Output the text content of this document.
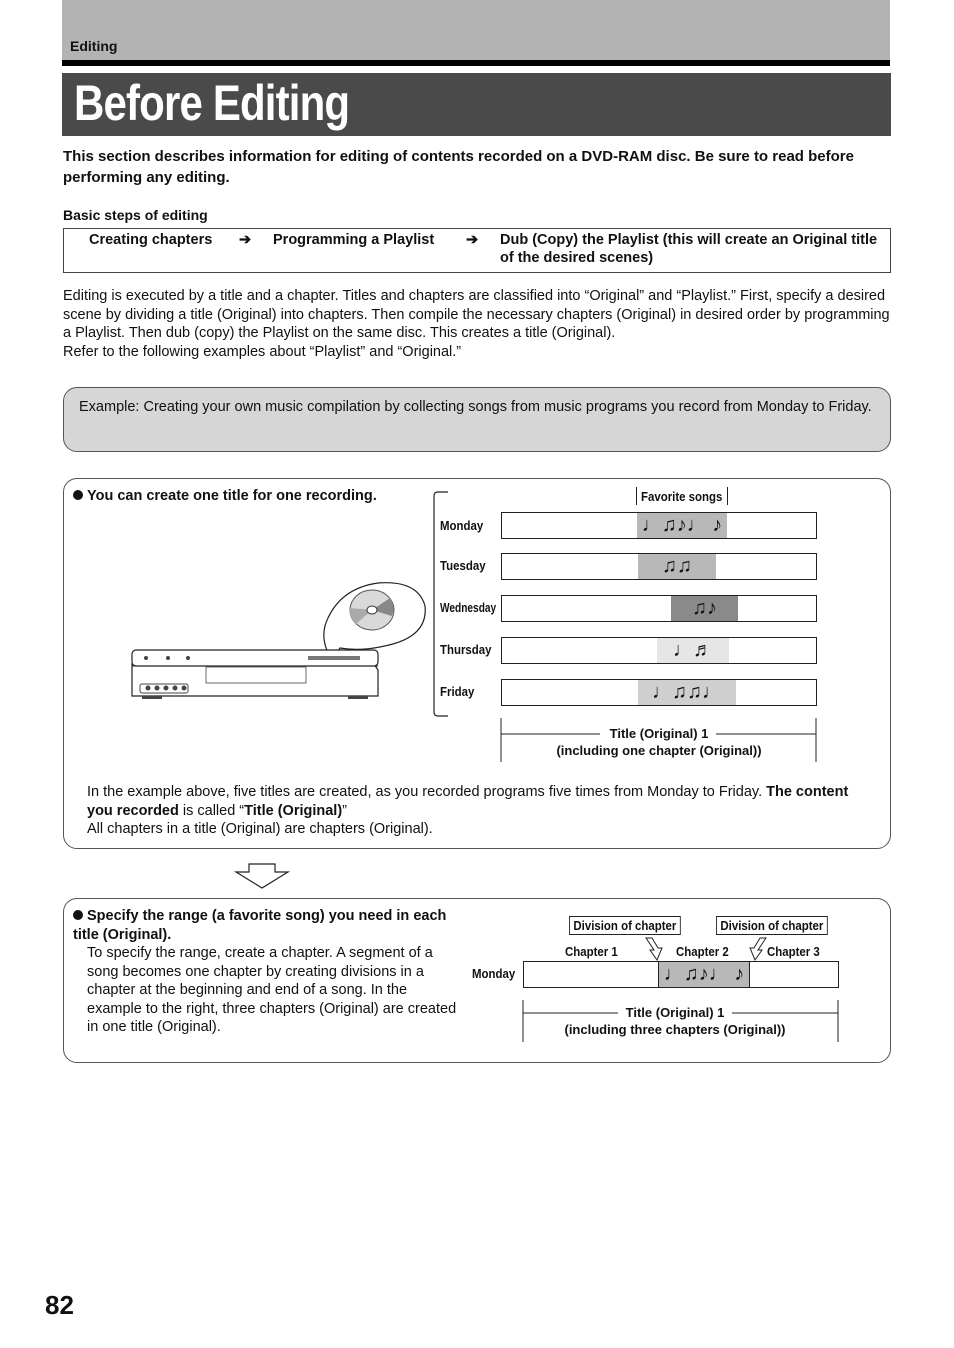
Editing
Before Editing
This section describes information for editing of contents recorded on a DVD-RAM disc. Be sure to read before performing any editing.
Basic steps of editing
Creating chapters ➔ Programming a Playlist ➔ Dub (Copy) the Playlist (this will create an Original title of the desired scenes)
Editing is executed by a title and a chapter. Titles and chapters are classified into “Original” and “Playlist.” First, specify a desired scene by dividing a title (Original) into chapters. Then compile the necessary chapters (Original) in desired order by programming a Playlist. Then dub (copy) the Playlist on the same disc. This creates a title (Original).
Refer to the following examples about “Playlist” and “Original.”
Example: Creating your own music compilation by collecting songs from music programs you record from Monday to Friday.
You can create one title for one recording.	Favorite songs
Monday	♩♫♪♩ ♪
Tuesday	♫♫
Wednesday	♫♪
Thursday	♩♬
Friday	♩♫♫♩
Title (Original) 1
(including one chapter (Original))
In the example above, five titles are created, as you recorded programs five times from Monday to Friday. The content you recorded is called “Title (Original)”
All chapters in a title (Original) are chapters (Original).
Specify the range (a favorite song) you need in each title (Original).
To specify the range, create a chapter. A segment of a song becomes one chapter by creating divisions in a chapter at the beginning and end of a song. In the example to the right, three chapters (Original) are created in one title (Original).
Division of chapter	Division of chapter
Chapter 1	Chapter 2	Chapter 3
Monday	♩♫♪♩ ♪
Title (Original) 1
(including three chapters (Original))
82
